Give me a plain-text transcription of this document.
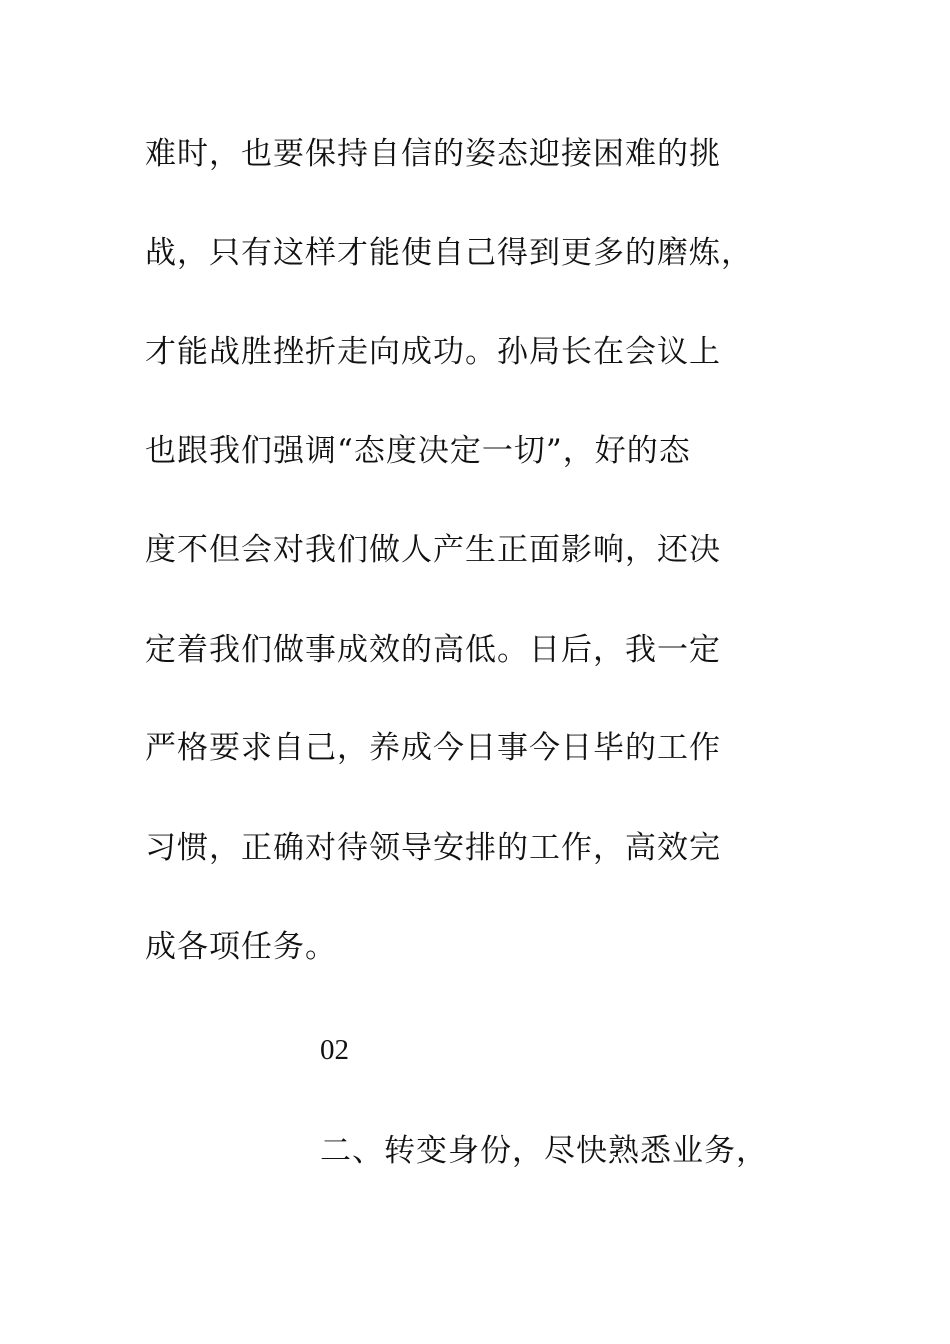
难时，也要保持自信的姿态迎接困难的挑
战，只有这样才能使自己得到更多的磨炼，
才能战胜挫折走向成功。孙局长在会议上
也跟我们强调“态度决定一切”，好的态
度不但会对我们做人产生正面影响，还决
定着我们做事成效的高低。日后，我一定
严格要求自己，养成今日事今日毕的工作
习惯，正确对待领导安排的工作，高效完
成各项任务。
02
二、转变身份，尽快熟悉业务，
